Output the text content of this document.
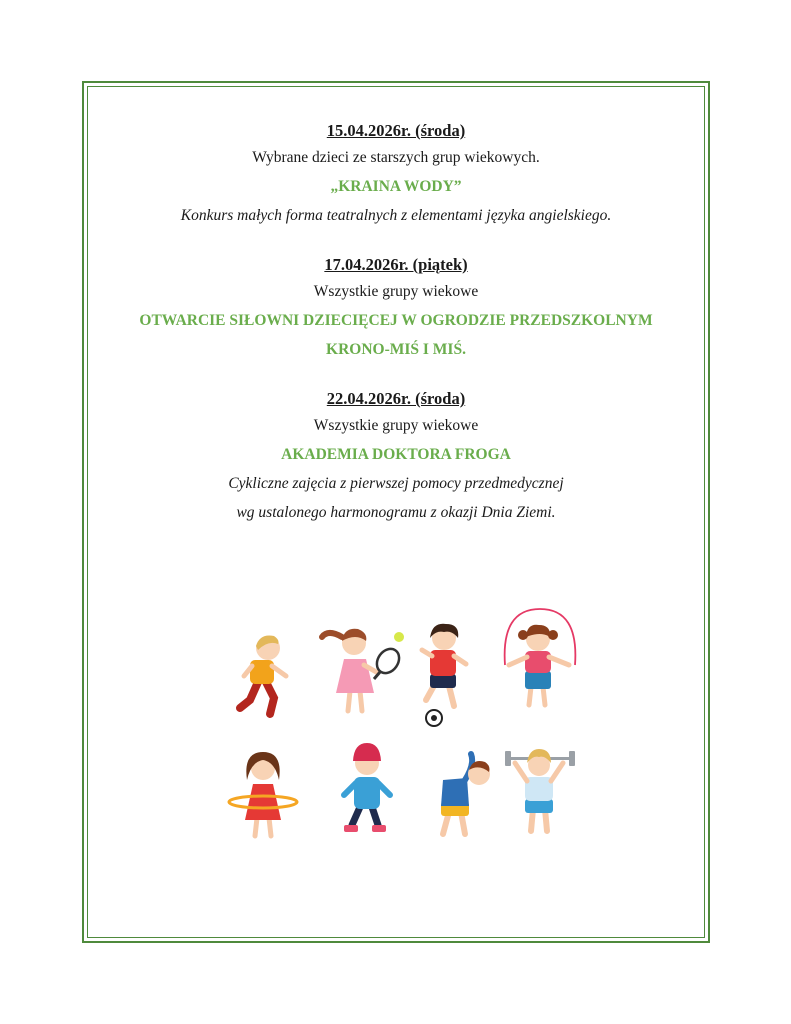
15.04.2026r. (środa)

Wybrane dzieci ze starszych grup wiekowych.

„KRAINA WODY”

Konkurs małych forma teatralnych z elementami języka angielskiego.

17.04.2026r. (piątek)

Wszystkie grupy wiekowe

OTWARCIE SIŁOWNI DZIECIĘCEJ W OGRODZIE PRZEDSZKOLNYM

KRONO-MIŚ I MIŚ.

22.04.2026r. (środa)

Wszystkie grupy wiekowe

AKADEMIA DOKTORA FROGA

Cykliczne zajęcia z pierwszej pomocy przedmedycznej

wg ustalonego harmonogramu z okazji Dnia Ziemi.
